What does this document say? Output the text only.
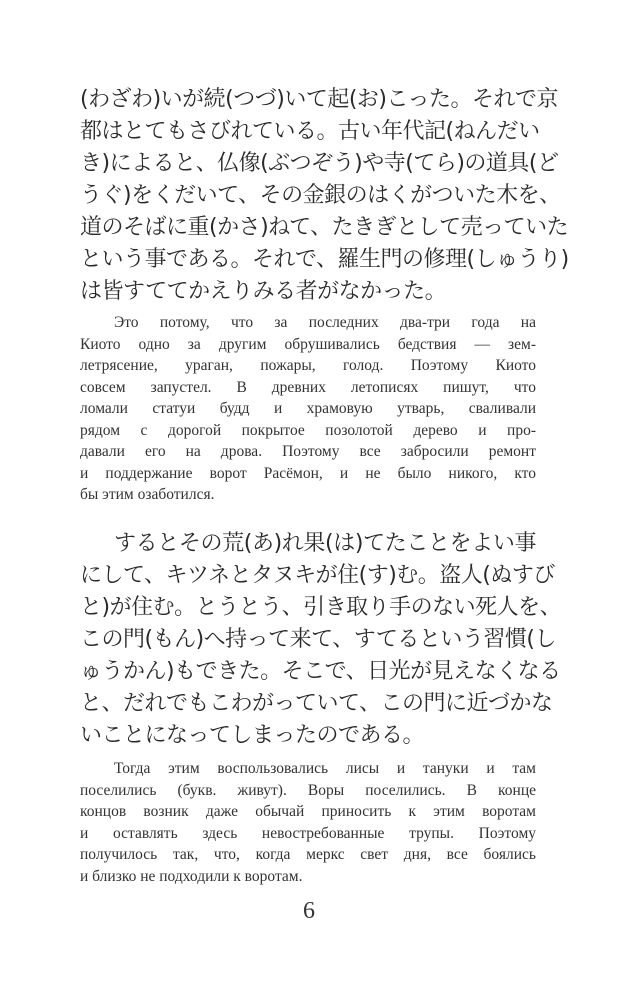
(わざわ)いが続(つづ)いて起(お)こった。それで京
都はとてもさびれている。古い年代記(ねんだい
き)によると、仏像(ぶつぞう)や寺(てら)の道具(ど
うぐ)をくだいて、その金銀のはくがついた木を、
道のそばに重(かさ)ねて、たきぎとして売っていた
という事である。それで、羅生門の修理(しゅうり)
は皆すててかえりみる者がなかった。
Это потому, что за последних два-три года на
Киото одно за другим обрушивались бедствия — зем-
летрясение, ураган, пожары, голод. Поэтому Киото
совсем запустел. В древних летописях пишут, что
ломали статуи будд и храмовую утварь, сваливали
рядом с дорогой покрытое позолотой дерево и про-
давали его на дрова. Поэтому все забросили ремонт
и поддержание ворот Расёмон, и не было никого, кто
бы этим озаботился.
するとその荒(あ)れ果(は)てたことをよい事
にして、キツネとタヌキが住(す)む。盗人(ぬすび
と)が住む。とうとう、引き取り手のない死人を、
この門(もん)へ持って来て、すてるという習慣(し
ゅうかん)もできた。そこで、日光が見えなくなる
と、だれでもこわがっていて、この門に近づかな
いことになってしまったのである。
Тогда этим воспользовались лисы и тануки и там
поселились (букв. живут). Воры поселились. В конце
концов возник даже обычай приносить к этим воротам
и оставлять здесь невостребованные трупы. Поэтому
получилось так, что, когда меркс свет дня, все боялись
и близко не подходили к воротам.
6
